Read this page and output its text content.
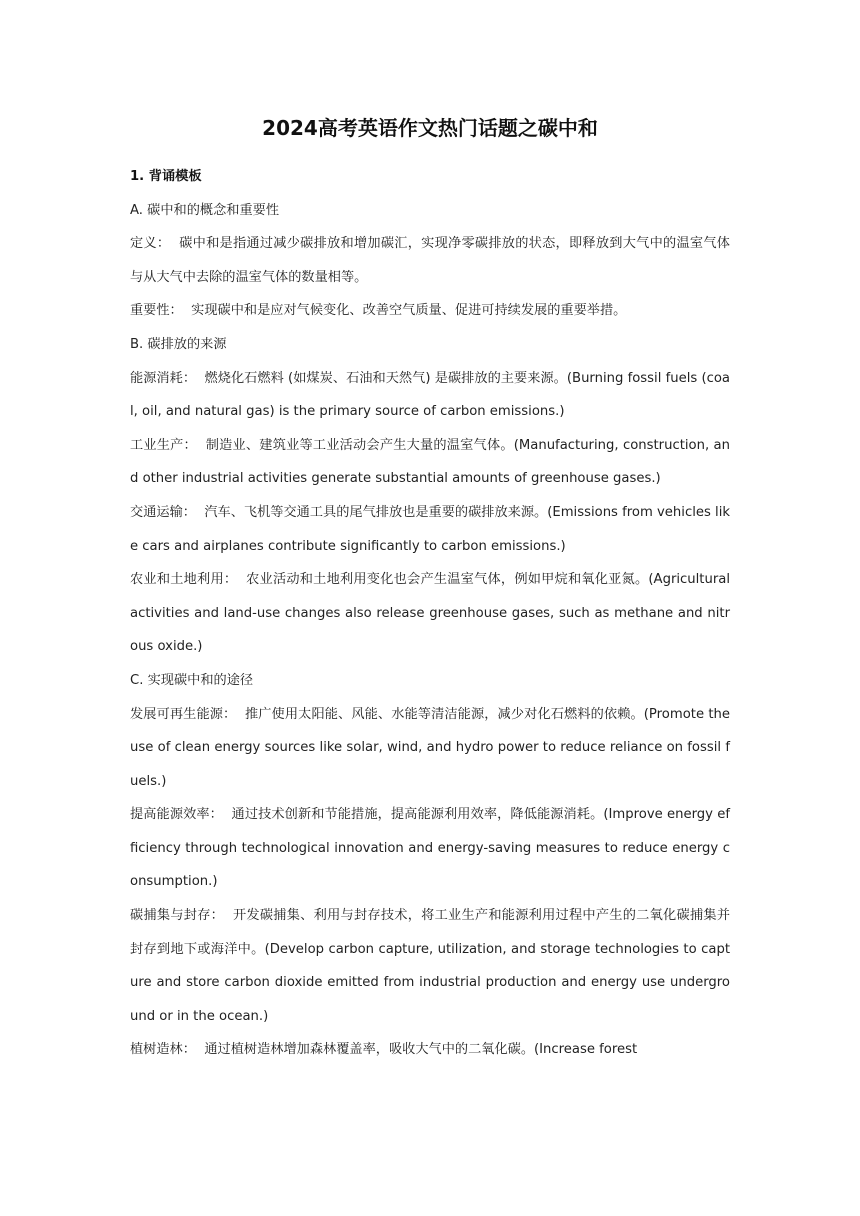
2024高考英语作文热门话题之碳中和

1. 背诵模板

A. 碳中和的概念和重要性

定义： 碳中和是指通过减少碳排放和增加碳汇，实现净零碳排放的状态，即释放到大气中的温室气体与从大气中去除的温室气体的数量相等。

重要性： 实现碳中和是应对气候变化、改善空气质量、促进可持续发展的重要举措。

B. 碳排放的来源

能源消耗： 燃烧化石燃料 (如煤炭、石油和天然气) 是碳排放的主要来源。(Burning fossil fuels (coal, oil, and natural gas) is the primary source of carbon emissions.)

工业生产： 制造业、建筑业等工业活动会产生大量的温室气体。(Manufacturing, construction, and other industrial activities generate substantial amounts of greenhouse gases.)

交通运输： 汽车、飞机等交通工具的尾气排放也是重要的碳排放来源。(Emissions from vehicles like cars and airplanes contribute significantly to carbon emissions.)

农业和土地利用： 农业活动和土地利用变化也会产生温室气体，例如甲烷和氧化亚氮。(Agricultural activities and land-use changes also release greenhouse gases, such as methane and nitrous oxide.)

C. 实现碳中和的途径

发展可再生能源： 推广使用太阳能、风能、水能等清洁能源，减少对化石燃料的依赖。(Promote the use of clean energy sources like solar, wind, and hydro power to reduce reliance on fossil fuels.)

提高能源效率： 通过技术创新和节能措施，提高能源利用效率，降低能源消耗。(Improve energy efficiency through technological innovation and energy-saving measures to reduce energy consumption.)

碳捕集与封存： 开发碳捕集、利用与封存技术，将工业生产和能源利用过程中产生的二氧化碳捕集并封存到地下或海洋中。(Develop carbon capture, utilization, and storage technologies to capture and store carbon dioxide emitted from industrial production and energy use underground or in the ocean.)

植树造林： 通过植树造林增加森林覆盖率，吸收大气中的二氧化碳。(Increase forest
